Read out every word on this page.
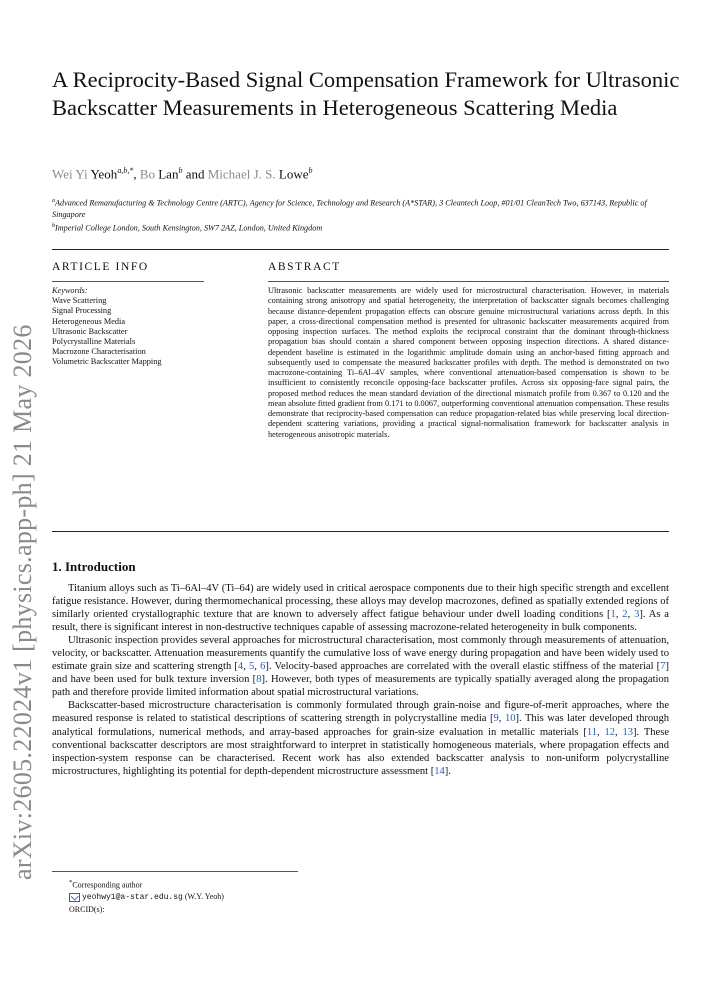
arXiv:2605.22024v1 [physics.app-ph] 21 May 2026
A Reciprocity-Based Signal Compensation Framework for Ultrasonic Backscatter Measurements in Heterogeneous Scattering Media
Wei Yi Yeoh$^{a,b,*}$, Bo Lan$^b$ and Michael J. S. Lowe$^b$
$^a$Advanced Remanufacturing & Technology Centre (ARTC), Agency for Science, Technology and Research (A*STAR), 3 Cleantech Loop, #01/01 CleanTech Two, 637143, Republic of Singapore
$^b$Imperial College London, South Kensington, SW7 2AZ, London, United Kingdom
ARTICLE INFO	ABSTRACT
Keywords:
Wave Scattering
Signal Processing
Heterogeneous Media
Ultrasonic Backscatter
Polycrystalline Materials
Macrozone Characterisation
Volumetric Backscatter Mapping
Ultrasonic backscatter measurements are widely used for microstructural characterisation. However, in materials containing strong anisotropy and spatial heterogeneity, the interpretation of backscatter signals becomes challenging because distance-dependent propagation effects can obscure genuine microstructural variations across depth. In this paper, a cross-directional compensation method is presented for ultrasonic backscatter measurements acquired from opposing inspection surfaces. The method exploits the reciprocal constraint that the dominant through-thickness propagation bias should contain a shared component between opposing inspection directions. A shared distance-dependent baseline is estimated in the logarithmic amplitude domain using an anchor-based fitting approach and subsequently used to compensate the measured backscatter profiles with depth. The method is demonstrated on two macrozone-containing Ti–6Al–4V samples, where conventional attenuation-based compensation is shown to be insufficient to consistently reconcile opposing-face backscatter profiles. Across six opposing-face signal pairs, the proposed method reduces the mean standard deviation of the directional mismatch profile from 0.367 to 0.120 and the mean absolute fitted gradient from 0.171 to 0.0067, outperforming conventional attenuation compensation. These results demonstrate that reciprocity-based compensation can reduce propagation-related bias while preserving local direction-dependent scattering variations, providing a practical signal-normalisation framework for backscatter analysis in heterogeneous anisotropic materials.
1. Introduction

Titanium alloys such as Ti–6Al–4V (Ti–64) are widely used in critical aerospace components due to their high specific strength and excellent fatigue resistance. However, during thermomechanical processing, these alloys may develop macrozones, defined as spatially extended regions of similarly oriented crystallographic texture that are known to adversely affect fatigue behaviour under dwell loading conditions [1, 2, 3]. As a result, there is significant interest in non-destructive techniques capable of assessing macrozone-related heterogeneity in bulk components.

Ultrasonic inspection provides several approaches for microstructural characterisation, most commonly through measurements of attenuation, velocity, or backscatter. Attenuation measurements quantify the cumulative loss of wave energy during propagation and have been widely used to estimate grain size and scattering strength [4, 5, 6]. Velocity-based approaches are correlated with the overall elastic stiffness of the material [7] and have been used for bulk texture inversion [8]. However, both types of measurements are typically spatially averaged along the propagation path and therefore provide limited information about spatial microstructural variations.

Backscatter-based microstructure characterisation is commonly formulated through grain-noise and figure-of-merit approaches, where the measured response is related to statistical descriptions of scattering strength in polycrystalline media [9, 10]. This was later developed through analytical formulations, numerical methods, and array-based approaches for grain-size evaluation in metallic materials [11, 12, 13]. These conventional backscatter descriptors are most straightforward to interpret in statistically homogeneous materials, where propagation effects and inspection-system response can be characterised. Recent work has also extended backscatter analysis to non-uniform polycrystalline microstructures, highlighting its potential for depth-dependent microstructure assessment [14].

*Corresponding author
yeohwy1@a-star.edu.sg (W.Y. Yeoh)
ORCID(s):
